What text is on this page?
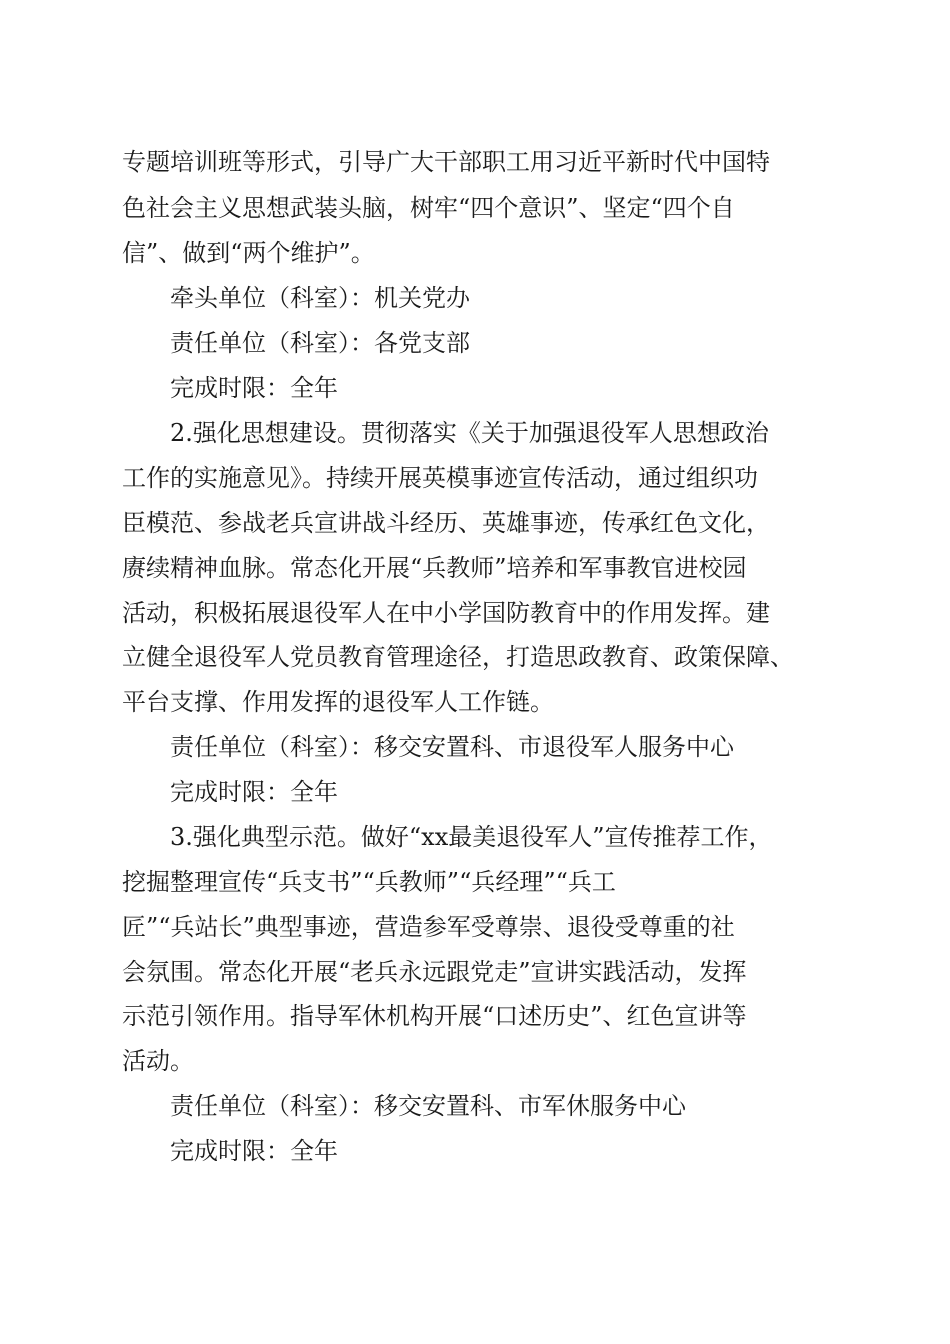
专题培训班等形式，引导广大干部职工用习近平新时代中国特
色社会主义思想武装头脑，树牢“四个意识”、坚定“四个自
信”、做到“两个维护”。
牵头单位（科室）：机关党办
责任单位（科室）：各党支部
完成时限：全年
2.强化思想建设。贯彻落实《关于加强退役军人思想政治
工作的实施意见》。持续开展英模事迹宣传活动，通过组织功
臣模范、参战老兵宣讲战斗经历、英雄事迹，传承红色文化，
赓续精神血脉。常态化开展“兵教师”培养和军事教官进校园
活动，积极拓展退役军人在中小学国防教育中的作用发挥。建
立健全退役军人党员教育管理途径，打造思政教育、政策保障、
平台支撑、作用发挥的退役军人工作链。
责任单位（科室）：移交安置科、市退役军人服务中心
完成时限：全年
3.强化典型示范。做好“xx最美退役军人”宣传推荐工作，
挖掘整理宣传“兵支书”“兵教师”“兵经理”“兵工
匠”“兵站长”典型事迹，营造参军受尊崇、退役受尊重的社
会氛围。常态化开展“老兵永远跟党走”宣讲实践活动，发挥
示范引领作用。指导军休机构开展“口述历史”、红色宣讲等
活动。
责任单位（科室）：移交安置科、市军休服务中心
完成时限：全年
